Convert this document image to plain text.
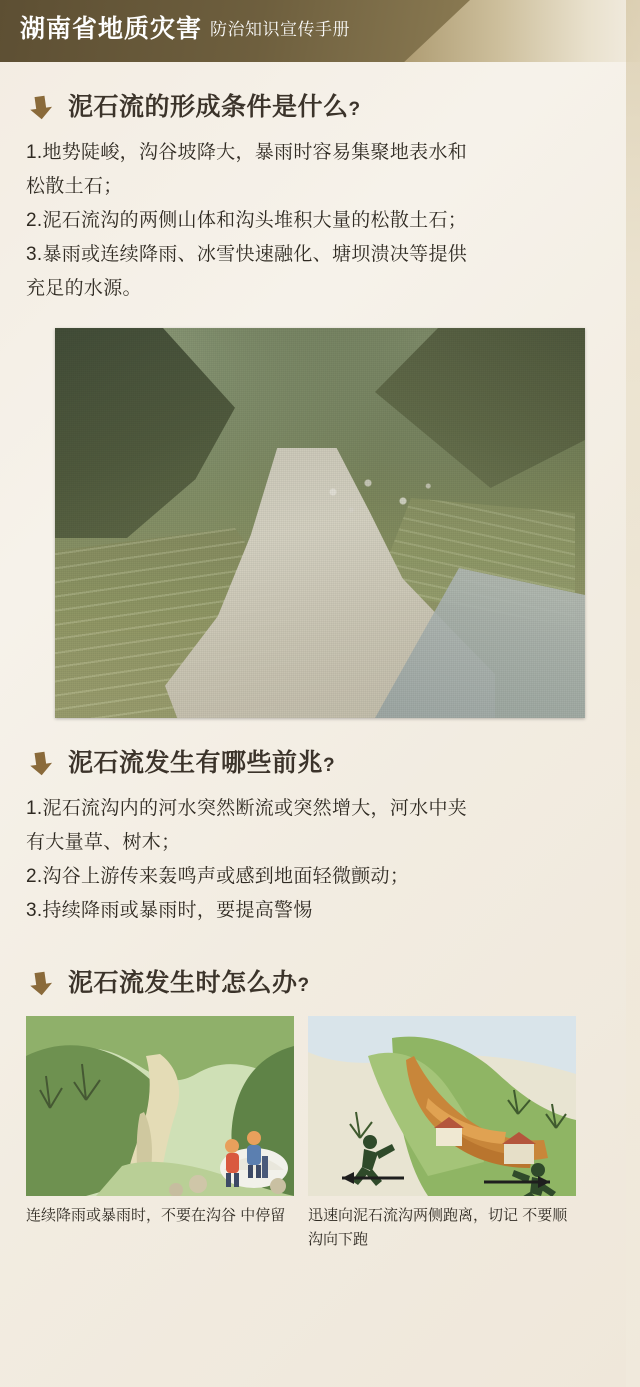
湖南省地质灾害 防治知识宣传手册
泥石流的形成条件是什么?
1.地势陡峻，沟谷坡降大，暴雨时容易集聚地表水和
松散土石；
2.泥石流沟的两侧山体和沟头堆积大量的松散土石；
3.暴雨或连续降雨、冰雪快速融化、塘坝溃决等提供
充足的水源。
泥石流发生有哪些前兆?
1.泥石流沟内的河水突然断流或突然增大，河水中夹
有大量草、树木；
2.沟谷上游传来轰鸣声或感到地面轻微颤动；
3.持续降雨或暴雨时，要提高警惕
泥石流发生时怎么办?
连续降雨或暴雨时，不要在沟谷 中停留	迅速向泥石流沟两侧跑离，切记 不要顺沟向下跑
